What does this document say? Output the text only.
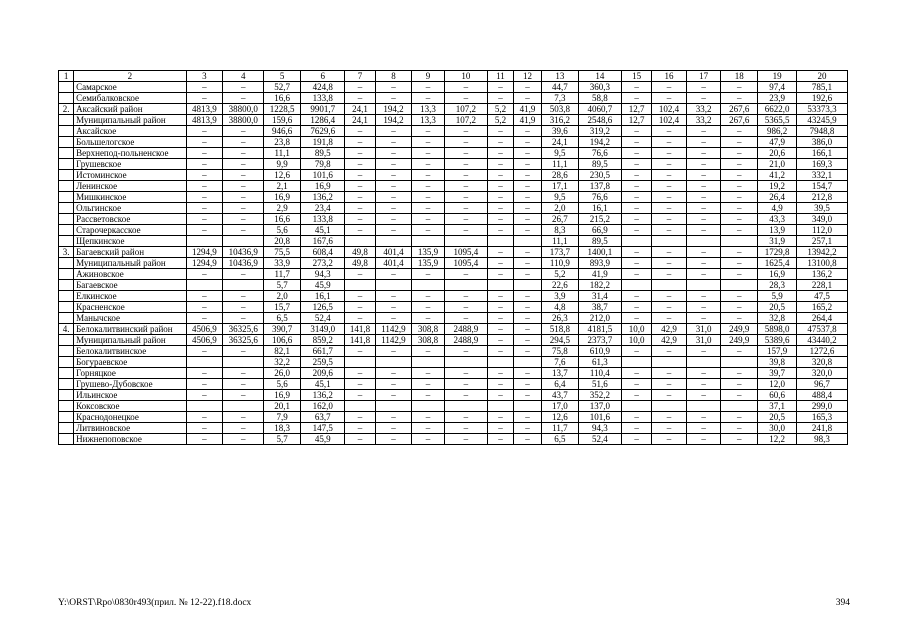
1	2	3	4	5	6	7	8	9	10	11	12	13	14	15	16	17	18	19	20
	Самарское	–	–	52,7	424,8	–	–	–	–	–	–	44,7	360,3	–	–	–	–	97,4	785,1
	Семибалковское	–	–	16,6	133,8	–	–	–	–	–	–	7,3	58,8	–	–	–	–	23,9	192,6
2.	Аксайский район	4813,9	38800,0	1228,5	9901,7	24,1	194,2	13,3	107,2	5,2	41,9	503,8	4060,7	12,7	102,4	33,2	267,6	6622,0	53373,3
	Муниципальный район	4813,9	38800,0	159,6	1286,4	24,1	194,2	13,3	107,2	5,2	41,9	316,2	2548,6	12,7	102,4	33,2	267,6	5365,5	43245,9
	Аксайское	–	–	946,6	7629,6	–	–	–	–	–	–	39,6	319,2	–	–	–	–	986,2	7948,8
	Большелогское	–	–	23,8	191,8	–	–	–	–	–	–	24,1	194,2	–	–	–	–	47,9	386,0
	Верхнепод-польненское	–	–	11,1	89,5	–	–	–	–	–	–	9,5	76,6	–	–	–	–	20,6	166,1
	Грушевское	–	–	9,9	79,8	–	–	–	–	–	–	11,1	89,5	–	–	–	–	21,0	169,3
	Истоминское	–	–	12,6	101,6	–	–	–	–	–	–	28,6	230,5	–	–	–	–	41,2	332,1
	Ленинское	–	–	2,1	16,9	–	–	–	–	–	–	17,1	137,8	–	–	–	–	19,2	154,7
	Мишкинское	–	–	16,9	136,2	–	–	–	–	–	–	9,5	76,6	–	–	–	–	26,4	212,8
	Ольгинское	–	–	2,9	23,4	–	–	–	–	–	–	2,0	16,1	–	–	–	–	4,9	39,5
	Рассветовское	–	–	16,6	133,8	–	–	–	–	–	–	26,7	215,2	–	–	–	–	43,3	349,0
	Старочеркасское	–	–	5,6	45,1	–	–	–	–	–	–	8,3	66,9	–	–	–	–	13,9	112,0
	Щепкинское			20,8	167,6							11,1	89,5					31,9	257,1
3.	Багаевский район	1294,9	10436,9	75,5	608,4	49,8	401,4	135,9	1095,4	–	–	173,7	1400,1	–	–	–	–	1729,8	13942,2
	Муниципальный район	1294,9	10436,9	33,9	273,2	49,8	401,4	135,9	1095,4	–	–	110,9	893,9	–	–	–	–	1625,4	13100,8
	Ажиновское	–	–	11,7	94,3	–	–	–	–	–	–	5,2	41,9	–	–	–	–	16,9	136,2
	Багаевское			5,7	45,9							22,6	182,2					28,3	228,1
	Елкинское	–	–	2,0	16,1	–	–	–	–	–	–	3,9	31,4	–	–	–	–	5,9	47,5
	Красненское	–	–	15,7	126,5	–	–	–	–	–	–	4,8	38,7	–	–	–	–	20,5	165,2
	Манычское	–	–	6,5	52,4	–	–	–	–	–	–	26,3	212,0	–	–	–	–	32,8	264,4
4.	Белокалитвинский район	4506,9	36325,6	390,7	3149,0	141,8	1142,9	308,8	2488,9	–	–	518,8	4181,5	10,0	42,9	31,0	249,9	5898,0	47537,8
	Муниципальный район	4506,9	36325,6	106,6	859,2	141,8	1142,9	308,8	2488,9	–	–	294,5	2373,7	10,0	42,9	31,0	249,9	5389,6	43440,2
	Белокалитвинское	–	–	82,1	661,7	–	–	–	–	–	–	75,8	610,9	–	–	–	–	157,9	1272,6
	Богураевское			32,2	259,5							7,6	61,3					39,8	320,8
	Горняцкое	–	–	26,0	209,6	–	–	–	–	–	–	13,7	110,4	–	–	–	–	39,7	320,0
	Грушево-Дубовское	–	–	5,6	45,1	–	–	–	–	–	–	6,4	51,6	–	–	–	–	12,0	96,7
	Ильинское	–	–	16,9	136,2	–	–	–	–	–	–	43,7	352,2	–	–	–	–	60,6	488,4
	Коксовское			20,1	162,0							17,0	137,0					37,1	299,0
	Краснодонецкое	–	–	7,9	63,7	–	–	–	–	–	–	12,6	101,6	–	–	–	–	20,5	165,3
	Литвиновское	–	–	18,3	147,5	–	–	–	–	–	–	11,7	94,3	–	–	–	–	30,0	241,8
	Нижнепоповское	–	–	5,7	45,9	–	–	–	–	–	–	6,5	52,4	–	–	–	–	12,2	98,3
Y:\ORST\Rpo\0830r493(прил. № 12-22).f18.docx	394
